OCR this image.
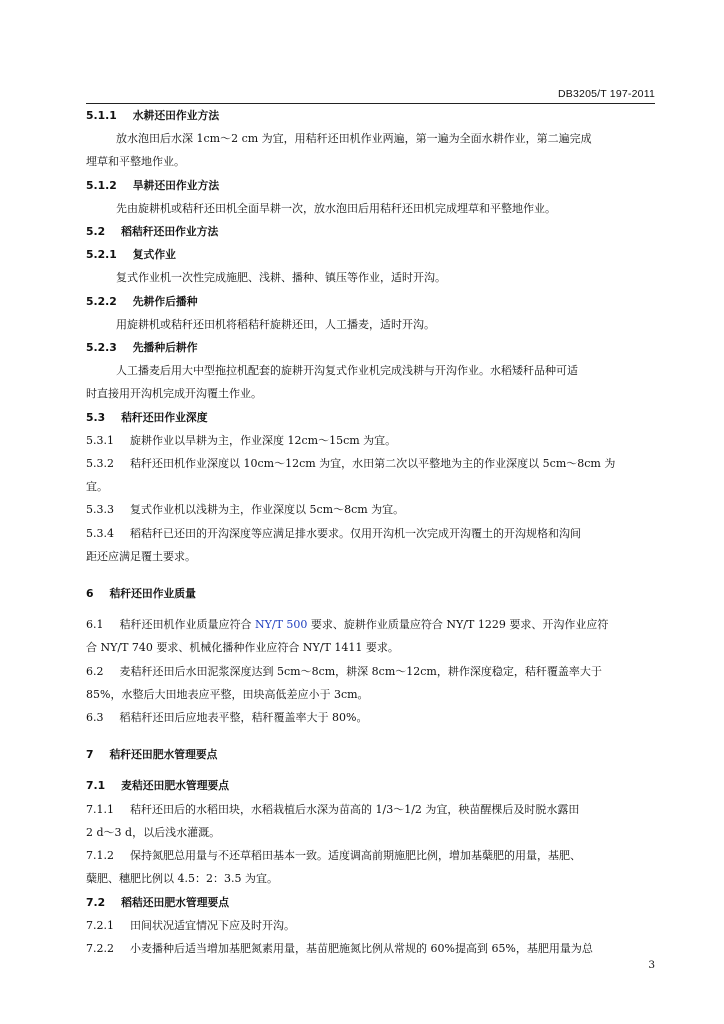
DB3205/T 197-2011
5.1.1 水耕还田作业方法
放水泡田后水深 1cm～2 cm 为宜，用秸秆还田机作业两遍，第一遍为全面水耕作业，第二遍完成
埋草和平整地作业。
5.1.2 旱耕还田作业方法
先由旋耕机或秸秆还田机全面旱耕一次，放水泡田后用秸秆还田机完成埋草和平整地作业。
5.2 稻秸秆还田作业方法
5.2.1 复式作业
复式作业机一次性完成施肥、浅耕、播种、镇压等作业，适时开沟。
5.2.2 先耕作后播种
用旋耕机或秸秆还田机将稻秸秆旋耕还田，人工播麦，适时开沟。
5.2.3 先播种后耕作
人工播麦后用大中型拖拉机配套的旋耕开沟复式作业机完成浅耕与开沟作业。水稻矮秆品种可适
时直接用开沟机完成开沟覆土作业。
5.3 秸秆还田作业深度
5.3.1 旋耕作业以旱耕为主，作业深度 12cm～15cm 为宜。
5.3.2 秸秆还田机作业深度以 10cm～12cm 为宜，水田第二次以平整地为主的作业深度以 5cm～8cm 为
宜。
5.3.3 复式作业机以浅耕为主，作业深度以 5cm～8cm 为宜。
5.3.4 稻秸秆已还田的开沟深度等应满足排水要求。仅用开沟机一次完成开沟覆土的开沟规格和沟间
距还应满足覆土要求。
6 秸秆还田作业质量
6.1 秸秆还田机作业质量应符合 NY/T 500 要求、旋耕作业质量应符合 NY/T 1229 要求、开沟作业应符
合 NY/T 740 要求、机械化播种作业应符合 NY/T 1411 要求。
6.2 麦秸秆还田后水田泥浆深度达到 5cm～8cm，耕深 8cm～12cm，耕作深度稳定，秸秆覆盖率大于
85%，水整后大田地表应平整，田块高低差应小于 3cm。
6.3 稻秸秆还田后应地表平整，秸秆覆盖率大于 80%。
7 秸秆还田肥水管理要点
7.1 麦秸还田肥水管理要点
7.1.1 秸秆还田后的水稻田块，水稻栽植后水深为苗高的 1/3～1/2 为宜，秧苗醒棵后及时脱水露田
2 d～3 d，以后浅水灌溉。
7.1.2 保持氮肥总用量与不还草稻田基本一致。适度调高前期施肥比例，增加基蘖肥的用量，基肥、
蘖肥、穗肥比例以 4.5：2：3.5 为宜。
7.2 稻秸还田肥水管理要点
7.2.1 田间状况适宜情况下应及时开沟。
7.2.2 小麦播种后适当增加基肥氮素用量，基苗肥施氮比例从常规的 60%提高到 65%，基肥用量为总
3
